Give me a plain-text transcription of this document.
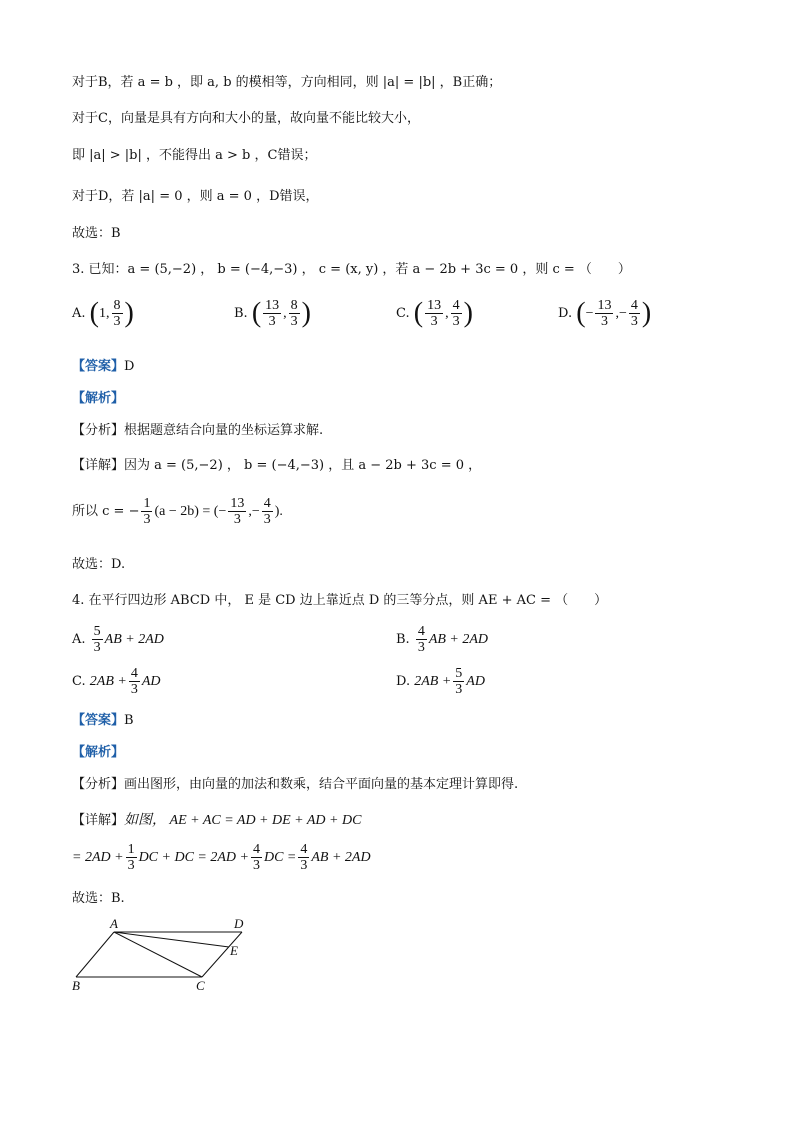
对于B，若 a = b ，即 a, b 的模相等，方向相同，则 |a| = |b| ，B正确；
对于C，向量是具有方向和大小的量，故向量不能比较大小，
即 |a| > |b| ，不能得出 a > b ，C错误；
对于D，若 |a| = 0 ，则 a = 0 ，D错误，
故选：B
3. 已知：a = (5,−2) ， b = (−4,−3) ， c = (x, y) ，若 a − 2b + 3c = 0 ，则 c = （　　）
A. (1, $\frac{8}{3}$ )	B. ( $\frac{13}{3}$ , $\frac{8}{3}$ )	C. ( $\frac{13}{3}$ , $\frac{4}{3}$ )	D. (− $\frac{13}{3}$ ,− $\frac{4}{3}$ )
【答案】D
【解析】
【分析】根据题意结合向量的坐标运算求解.
【详解】因为 a = (5,−2) ， b = (−4,−3) ，且 a − 2b + 3c = 0 ，
所以 c = − $\frac{1}{3} (a - 2b)$ = (− $\frac{13}{3}$ ,− $\frac{4}{3}$ ).
故选：D.
4. 在平行四边形 ABCD 中， E 是 CD 边上靠近点 D 的三等分点，则 AE + AC = （　　）
A. $\frac{5}{3}$ AB + 2AD	B. $\frac{4}{3}$ AB + 2AD
C. $2AB + \frac{4}{3}$ AD	D. $2AB + \frac{5}{3}$ AD
【答案】B
【解析】
【分析】画出图形，由向量的加法和数乘，结合平面向量的基本定理计算即得.
【详解】如图， AE + AC = AD + DE + AD + DC
= $2AD + \frac{1}{3}$ DC + DC = $2AD + \frac{4}{3}$ DC = $\frac{4}{3}$ AB + 2AD
故选：B.
A	D
E
B	C
